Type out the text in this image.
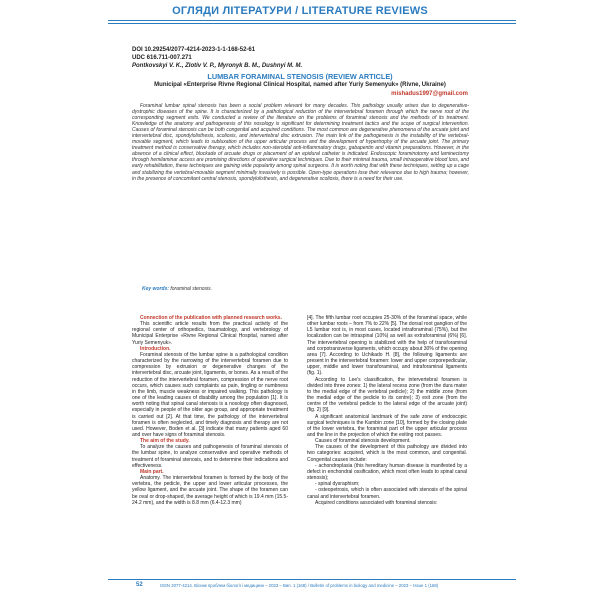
ОГЛЯДИ ЛІТЕРАТУРИ / LITERATURE REVIEWS
DOI 10.29254/2077-4214-2023-1-1-168-52-61
UDC 616.711-007.271
Pontkovskyi V. K., Zlotiv V. P., Myronyk B. M., Dushnyi M. M.
LUMBAR FORAMINAL STENOSIS (REVIEW ARTICLE)
Municipal «Enterprise Rivne Regional Clinical Hospital, named after Yuriy Semenyuk» (Rivne, Ukraine)
mishadus1997@gmail.com

Foraminal lumbar spinal stenosis has been a social problem relevant for many decades. This pathology usually arises due to degenerative-dystrophic diseases of the spine. It is characterized by a pathological reduction of the intervertebral foramen through which the nerve root of the corresponding segment exits. We conducted a review of the literature on the problems of foraminal stenosis and the methods of its treatment. Knowledge of the anatomy and pathogenesis of this nosology is significant for determining treatment tactics and the scope of surgical intervention. Causes of foraminal stenosis can be both congenital and acquired conditions. The most common are degenerative phenomena of the arcuate joint and intervertebral disc, spondylolisthesis, scoliosis, and intervertebral disc extrusion. The main link of the pathogenesis is the instability of the vertebral-movable segment, which leads to subluxation of the upper articular process and the development of hypertrophy of the arcuate joint. The primary treatment method is conservative therapy, which includes non-steroidal anti-inflammatory drugs, gabapentin and vitamin preparations. However, in the absence of a clinical effect, blockade of arcuate drugs or placement of an epidural catheter is indicated. Endoscopic foraminotomy and laminectomy through hemilaminar access are promising directions of operative surgical techniques. Due to their minimal trauma, small intraoperative blood loss, and early rehabilitation, these techniques are gaining wide popularity among spinal surgeons. It is worth noting that with these techniques, setting up a cage and stabilizing the vertebral-movable segment minimally invasively is possible. Open-type operations lose their relevance due to high trauma; however, in the presence of concomitant central stenosis, spondylolisthesis, and degenerative scoliosis, there is a need for their use.

Key words: foraminal stenosis.

Connection of the publication with planned research works.

This scientific article results from the practical activity of the regional center of orthopedics, traumatology, and vertebrology of Municipal Enterprise «Rivne Regional Clinical Hospital, named after Yuriy Semenyuk».

Introduction.

Foraminal stenosis of the lumbar spine is a pathological condition characterized by the narrowing of the intervertebral foramen due to compression by extrusion or degenerative changes of the intervertebral disc, arcuate joint, ligaments, or bones. As a result of the reduction of the intervertebral foramen, compression of the nerve root occurs, which causes such complaints as pain, tingling or numbness in the limb, muscle weakness or impaired walking. This pathology is one of the leading causes of disability among the population [1]. It is worth noting that spinal canal stenosis is a nosology often diagnosed, especially in people of the older age group, and appropriate treatment is carried out [2]. At that time, the pathology of the intervertebral foramen is often neglected, and timely diagnosis and therapy are not used. However, Boden et al. [3] indicate that many patients aged 60 and over have signs of foraminal stenosis.

The aim of the study.

To analyze the causes and pathogenesis of foraminal stenosis of the lumbar spine, to analyze conservative and operative methods of treatment of foraminal stenosis, and to determine their indications and effectiveness.

Main part.

Anatomy. The intervertebral foramen is formed by the body of the vertebra, the pedicle, the upper and lower articular processes, the yellow ligament, and the arcuate joint. The shape of the foramen can be oval or drop-shaped, the average height of which is 19.4 mm (15.5-24.2 mm), and the width is 8.8 mm (6.4-12.3 mm)

[4]. The fifth lumbar root occupies 25-30% of the foraminal space, while other lumbar roots – from 7% to 22% [5]. The dorsal root ganglion of the L5 lumbar root is, in most cases, located intraforaminal (75%), but the localization can be intraspinal (10%) as well as extraforaminal (6%) [6]. The intervertebral opening is stabilized with the help of transforaminal and corpotransverse ligaments, which occupy about 30% of the opening area [7]. According to Uchikado H. [8], the following ligaments are present in the intervertebral foramen: lower and upper corporepedicular, upper, middle and lower transforaminal, and intraforaminal ligaments (fig. 1).

According to Lee's classification, the intervertebral foramen is divided into three zones: 1) the lateral recess zone (from the dura mater to the medial edge of the vertebral pedicle); 2) the middle zone (from the medial edge of the pedicle to its centre); 3) exit zone (from the centre of the vertebral pedicle to the lateral edge of the arcuate joint) (fig. 2) [9].

A significant anatomical landmark of the safe zone of endoscopic surgical techniques is the Kambin zone [10], formed by the closing plate of the lower vertebra, the foraminal part of the upper articular process and the line in the projection of which the exiting root passes.

Causes of foraminal stenosis development.

The causes of the development of this pathology are divided into two categories: acquired, which is the most common, and congenital. Congenital causes include:

- achondroplasia (this hereditary human disease is manifested by a defect in enchondral ossification, which most often leads to spinal canal stenosis);

- spinal dysraphism;

- osteopetrosis, which is often associated with stenosis of the spinal canal and intervertebral foramen.

Acquired conditions associated with foraminal stenosis:

52	ISSN 2077-4214. Вісник проблем біології і медицини – 2023 – Вип. 1 (168) / Bulletin of problems in biology and medicine – 2023 – Issue 1 (168)
